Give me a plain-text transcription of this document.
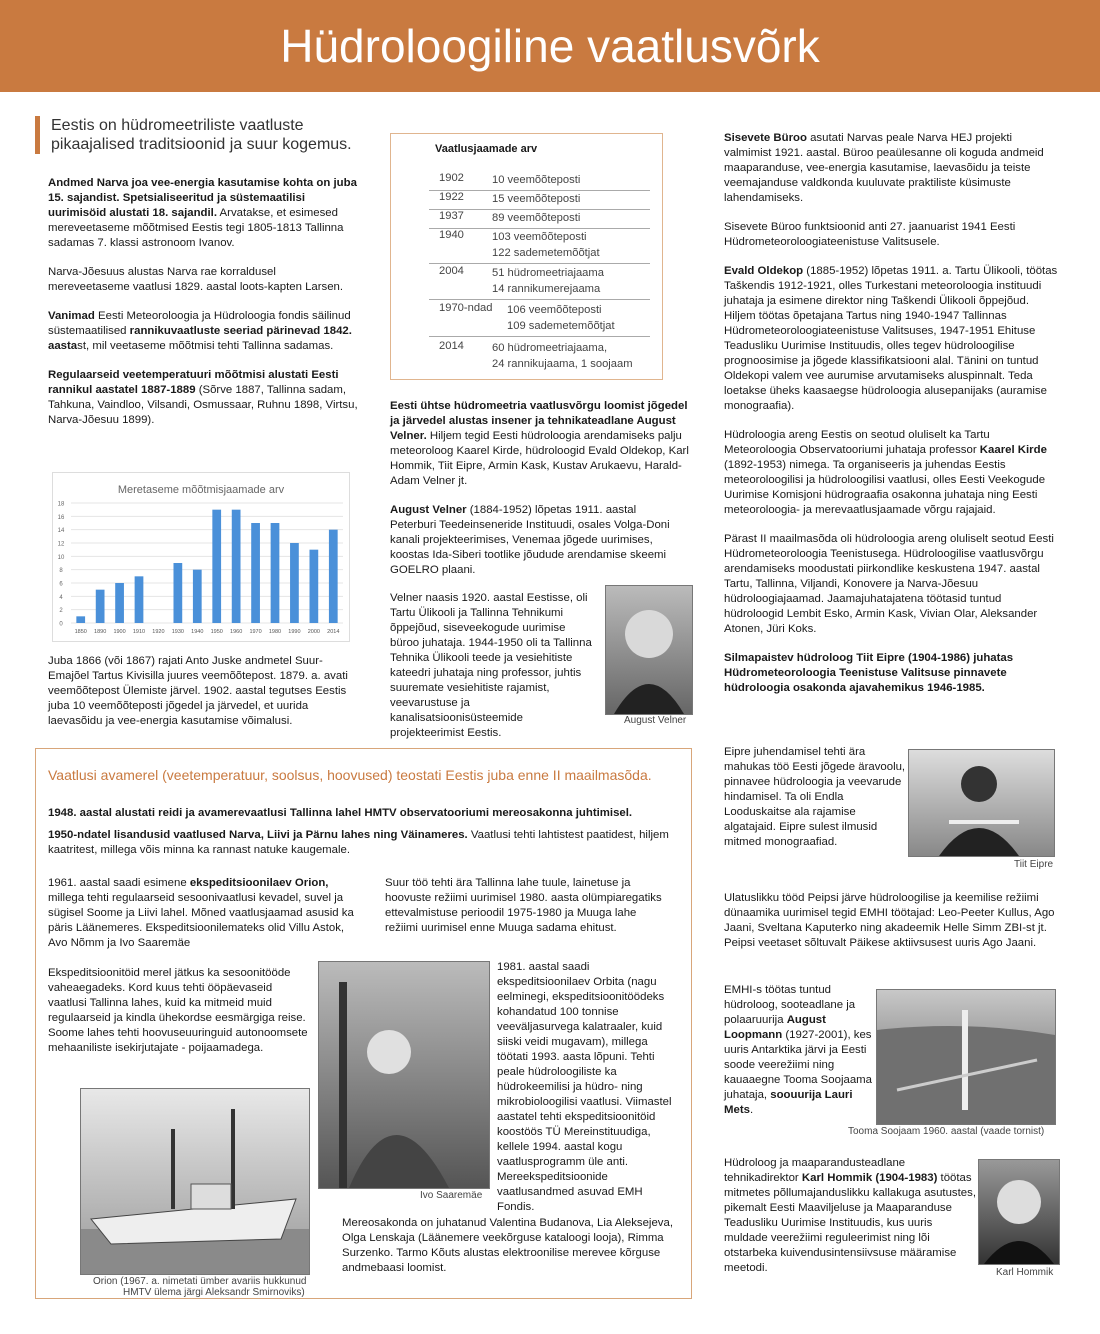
Hüdroloogiline vaatlusvõrk
Eestis on hüdromeetriliste vaatluste pikaajalised traditsioonid ja suur kogemus.

Andmed Narva joa vee-energia kasutamise kohta on juba 15. sajandist. Spetsialiseeritud ja süstemaatilisi uurimisöid alustati 18. sajandil. Arvatakse, et esimesed mereveetaseme mõõtmised Eestis tegi 1805-1813 Tallinna sadamas 7. klassi astronoom Ivanov.

Narva-Jõesuus alustas Narva rae korraldusel mereveetaseme vaatlusi 1829. aastal loots-kapten Larsen.

Vanimad Eesti Meteoroloogia ja Hüdroloogia fondis säilinud süstemaatilised rannikuvaatluste seeriad pärinevad 1842. aastast, mil veetaseme mõõtmisi tehti Tallinna sadamas.

Regulaarseid veetemperatuuri mõõtmisi alustati Eesti rannikul aastatel 1887-1889 (Sõrve 1887, Tallinna sadam, Tahkuna, Vaindloo, Vilsandi, Osmussaar, Ruhnu 1898, Virtsu, Narva-Jõesuu 1899).

Meretaseme mõõtmisjaamade arv
0
2
4
6
8
10
12
14
16
18
1850 1890 1900 1910 1920 1930 1940 1950 1960 1970 1980 1990 2000 2014
Juba 1866 (või 1867) rajati Anto Juske andmetel Suur-Emajõel Tartus Kivisilla juures veemõõtepost. 1879. a. avati veemõõtepost Ülemiste järvel. 1902. aastal tegutses Eestis juba 10 veemõõteposti jõgedel ja järvedel, et uurida laevasõidu ja vee-energia kasutamise võimalusi.
Vaatlusjaamade arv
1902	10 veemõõteposti
1922	15 veemõõteposti
1937	89 veemõõteposti
1940	103 veemõõteposti
122 sademetemõõtjat
2004	51 hüdromeetriajaama
14 rannikumerejaama
1970-ndad 106 veemõõteposti
109 sademetemõõtjat
2014	60 hüdromeetriajaama,
24 rannikujaama, 1 soojaam
Eesti ühtse hüdromeetria vaatlusvõrgu loomist jõgedel ja järvedel alustas insener ja tehnikateadlane August Velner. Hiljem tegid Eesti hüdroloogia arendamiseks palju meteoroloog Kaarel Kirde, hüdroloogid Evald Oldekop, Karl Hommik, Tiit Eipre, Armin Kask, Kustav Arukaevu, Harald-Adam Velner jt.
August Velner (1884-1952) lõpetas 1911. aastal Peterburi Teedeinseneride Instituudi, osales Volga-Doni kanali projekteerimises, Venemaa jõgede uurimises, koostas Ida-Siberi tootlike jõudude arendamise skeemi GOELRO plaani.
Velner naasis 1920. aastal Eestisse, oli Tartu Ülikooli ja Tallinna Tehnikumi õppejõud, siseveekogude uurimise büroo juhataja. 1944-1950 oli ta Tallinna Tehnika Ülikooli teede ja vesiehitiste kateedri juhataja ning professor, juhtis suuremate vesiehitiste rajamist, veevarustuse ja kanalisatsioonisüsteemide projekteerimist Eestis.
August Velner

Sisevete Büroo asutati Narvas peale Narva HEJ projekti valmimist 1921. aastal. Büroo peaülesanne oli koguda andmeid maaparanduse, vee-energia kasutamise, laevasõidu ja teiste veemajanduse valdkonda kuuluvate praktiliste küsimuste lahendamiseks.

Sisevete Büroo funktsioonid anti 27. jaanuarist 1941 Eesti Hüdrometeoroloogiateenistuse Valitsusele.

Evald Oldekop (1885-1952) lõpetas 1911. a. Tartu Ülikooli, töötas Taškendis 1912-1921, olles Turkestani meteoroloogia instituudi juhataja ja esimene direktor ning Taškendi Ülikooli õppejõud. Hiljem töötas õpetajana Tartus ning 1940-1947 Tallinnas Hüdrometeoroloogiateenistuse Valitsuses, 1947-1951 Ehituse Teadusliku Uurimise Instituudis, olles tegev hüdroloogilise prognoosimise ja jõgede klassifikatsiooni alal. Tänini on tuntud Oldekopi valem vee aurumise arvutamiseks aluspinnalt. Teda loetakse üheks kaasaegse hüdroloogia alusepanijaks (auramise monograafia).

Hüdroloogia areng Eestis on seotud oluliselt ka Tartu Meteoroloogia Observatooriumi juhataja professor Kaarel Kirde (1892-1953) nimega. Ta organiseeris ja juhendas Eestis meteoroloogilisi ja hüdroloogilisi vaatlusi, olles Eesti Veekogude Uurimise Komisjoni hüdrograafia osakonna juhataja ning Eesti meteoroloogia- ja merevaatlusjaamade võrgu rajajaid.

Pärast II maailmasõda oli hüdroloogia areng oluliselt seotud Eesti Hüdrometeoroloogia Teenistusega. Hüdroloogilise vaatlusvõrgu arendamiseks moodustati piirkondlike keskustena 1947. aastal Tartu, Tallinna, Viljandi, Konovere ja Narva-Jõesuu hüdroloogiajaamad. Jaamajuhatajatena töötasid tuntud hüdroloogid Lembit Esko, Armin Kask, Vivian Olar, Aleksander Atonen, Jüri Koks.

Silmapaistev hüdroloog Tiit Eipre (1904-1986) juhatas Hüdrometeoroloogia Teenistuse Valitsuse pinnavete hüdroloogia osakonda ajavahemikus 1946-1985.

Eipre juhendamisel tehti ära mahukas töö Eesti jõgede äravoolu, pinnavee hüdroloogia ja veevarude hindamisel. Ta oli Endla Looduskaitse ala rajamise algatajaid. Eipre sulest ilmusid mitmed monograafiad.
Tiit Eipre
Ulatuslikku tööd Peipsi järve hüdroloogilise ja keemilise režiimi dünaamika uurimisel tegid EMHI töötajad: Leo-Peeter Kullus, Ago Jaani, Sveltana Kaputerko ning akadeemik Helle Simm ZBI-st jt. Peipsi veetaset sõltuvalt Päikese aktiivsusest uuris Ago Jaani.
EMHI-s töötas tuntud hüdroloog, sooteadlane ja polaaruurija August Loopmann (1927-2001), kes uuris Antarktika järvi ja Eesti soode veerežiimi ning kauaaegne Tooma Soojaama juhataja, soouurija Lauri Mets.
Tooma Soojaam 1960. aastal (vaade tornist)
Hüdroloog ja maaparandusteadlane tehnikadirektor Karl Hommik (1904-1983) töötas mitmetes põllumajanduslikku kallakuga asutustes, pikemalt Eesti Maaviljeluse ja Maaparanduse Teadusliku Uurimise Instituudis, kus uuris muldade veerežiimi reguleerimist ning lõi otstarbeka kuivendusintensiivsuse määramise meetodi.	Karl Hommik
Vaatlusi avamerel (veetemperatuur, soolsus, hoovused) teostati Eestis juba enne II maailmasõda.
1948. aastal alustati reidi ja avamerevaatlusi Tallinna lahel HMTV observatooriumi mereosakonna juhtimisel.
1950-ndatel lisandusid vaatlused Narva, Liivi ja Pärnu lahes ning Väinameres. Vaatlusi tehti lahtistest paatidest, hiljem kaatritest, millega võis minna ka rannast natuke kaugemale.
1961. aastal saadi esimene ekspeditsioonilaev Orion, millega tehti regulaarseid sesoonivaatlusi kevadel, suvel ja sügisel Soome ja Liivi lahel. Mõned vaatlusjaamad asusid ka päris Läänemeres. Ekspeditsioonilemateks olid Villu Astok, Avo Nõmm ja Ivo Saaremäe
Ekspeditsioonitöid merel jätkus ka sesoonitööde vaheaegadeks. Kord kuus tehti ööpäevaseid vaatlusi Tallinna lahes, kuid ka mitmeid muid regulaarseid ja kindla ühekordse eesmärgiga reise. Soome lahes tehti hoovuseuuringuid autonoomsete mehaaniliste isekirjutajate - poijaamadega.
Suur töö tehti ära Tallinna lahe tuule, lainetuse ja hoovuste režiimi uurimisel 1980. aasta olümpiaregatiks ettevalmistuse perioodil 1975-1980 ja Muuga lahe režiimi uurimisel enne Muuga sadama ehitust.
Ivo Saaremäe
1981. aastal saadi ekspeditsioonilaev Orbita (nagu eelminegi, ekspeditsioonitöödeks kohandatud 100 tonnise veeväljasurvega kalatraaler, kuid siiski veidi mugavam), millega töötati 1993. aasta lõpuni. Tehti peale hüdroloogiliste ka hüdrokeemilisi ja hüdro- ning mikrobioloogilisi vaatlusi. Viimastel aastatel tehti ekspeditsioonitöid koostöös TÜ Mereinstituudiga, kellele 1994. aastal kogu vaatlusprogramm üle anti. Mereekspeditsioonide vaatlusandmed asuvad EMH Fondis.
Orion (1967. a. nimetati ümber avariis hukkunud
HMTV ülema järgi Aleksandr Smirnoviks)
Mereosakonda on juhatanud Valentina Budanova, Lia Aleksejeva, Olga Lenskaja (Läänemere veekõrguse kataloogi looja), Rimma Surzenko. Tarmo Kõuts alustas elektroonilise merevee kõrguse andmebaasi loomist.
